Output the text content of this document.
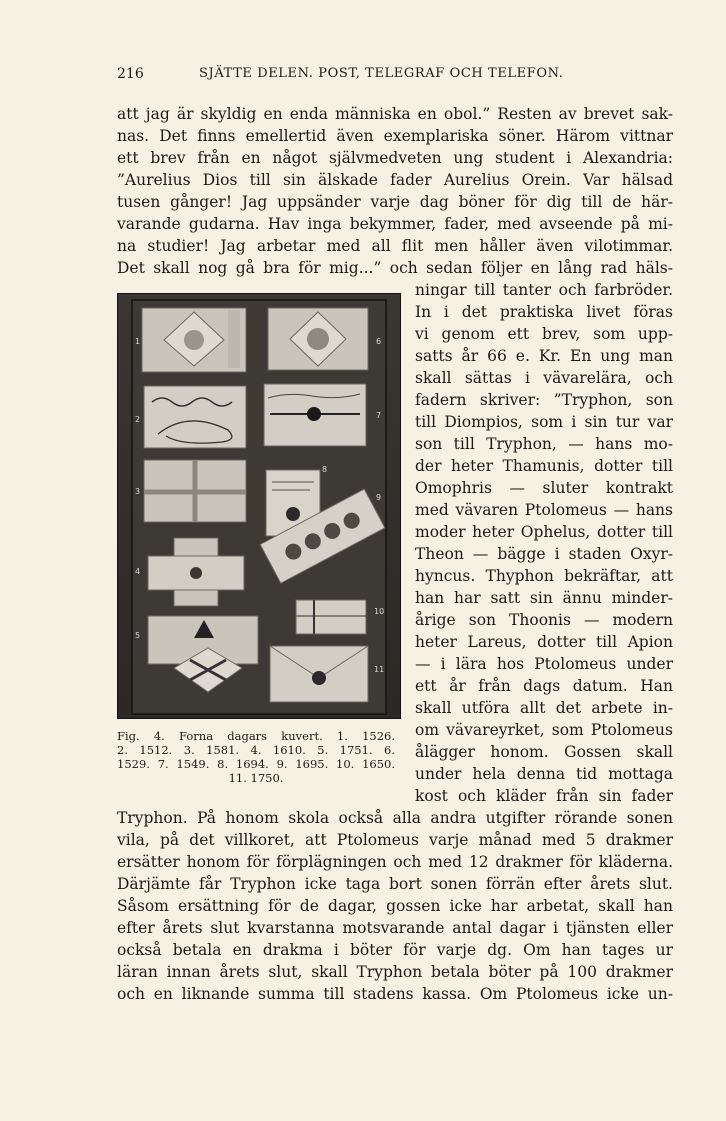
216	SJÄTTE DELEN. POST, TELEGRAF OCH TELEFON.
att jag är skyldig en enda människa en obol.” Resten av brevet sak-
nas. Det finns emellertid även exemplariska söner. Härom vittnar
ett brev från en något självmedveten ung student i Alexandria:
”Aurelius Dios till sin älskade fader Aurelius Orein. Var hälsad
tusen gånger! Jag uppsänder varje dag böner för dig till de här-
varande gudarna. Hav inga bekymmer, fader, med avseende på mi-
na studier! Jag arbetar med all flit men håller även vilotimmar.
Det skall nog gå bra för mig...” och sedan följer en lång rad häls-
1
2
3
4
5
6
7
8
9
10
11
Fig. 4. Forna dagars kuvert. 1. 1526.
2. 1512. 3. 1581. 4. 1610. 5. 1751. 6.
1529. 7. 1549. 8. 1694. 9. 1695. 10. 1650.
11. 1750.
ningar till tanter och farbröder.
In i det praktiska livet föras
vi genom ett brev, som upp-
satts år 66 e. Kr. En ung man
skall sättas i vävarelära, och
fadern skriver: ”Tryphon, son
till Diompios, som i sin tur var
son till Tryphon, — hans mo-
der heter Thamunis, dotter till
Omophris — sluter kontrakt
med vävaren Ptolomeus — hans
moder heter Ophelus, dotter till
Theon — bägge i staden Oxyr-
hyncus. Thyphon bekräftar, att
han har satt sin ännu minder-
årige son Thoonis — modern
heter Lareus, dotter till Apion
— i lära hos Ptolomeus under
ett år från dags datum. Han
skall utföra allt det arbete in-
om vävareyrket, som Ptolomeus
ålägger honom. Gossen skall
under hela denna tid mottaga
kost och kläder från sin fader
Tryphon. På honom skola också alla andra utgifter rörande sonen
vila, på det villkoret, att Ptolomeus varje månad med 5 drakmer
ersätter honom för förplägningen och med 12 drakmer för kläderna.
Därjämte får Tryphon icke taga bort sonen förrän efter årets slut.
Såsom ersättning för de dagar, gossen icke har arbetat, skall han
efter årets slut kvarstanna motsvarande antal dagar i tjänsten eller
också betala en drakma i böter för varje dg. Om han tages ur
läran innan årets slut, skall Tryphon betala böter på 100 drakmer
och en liknande summa till stadens kassa. Om Ptolomeus icke un-
